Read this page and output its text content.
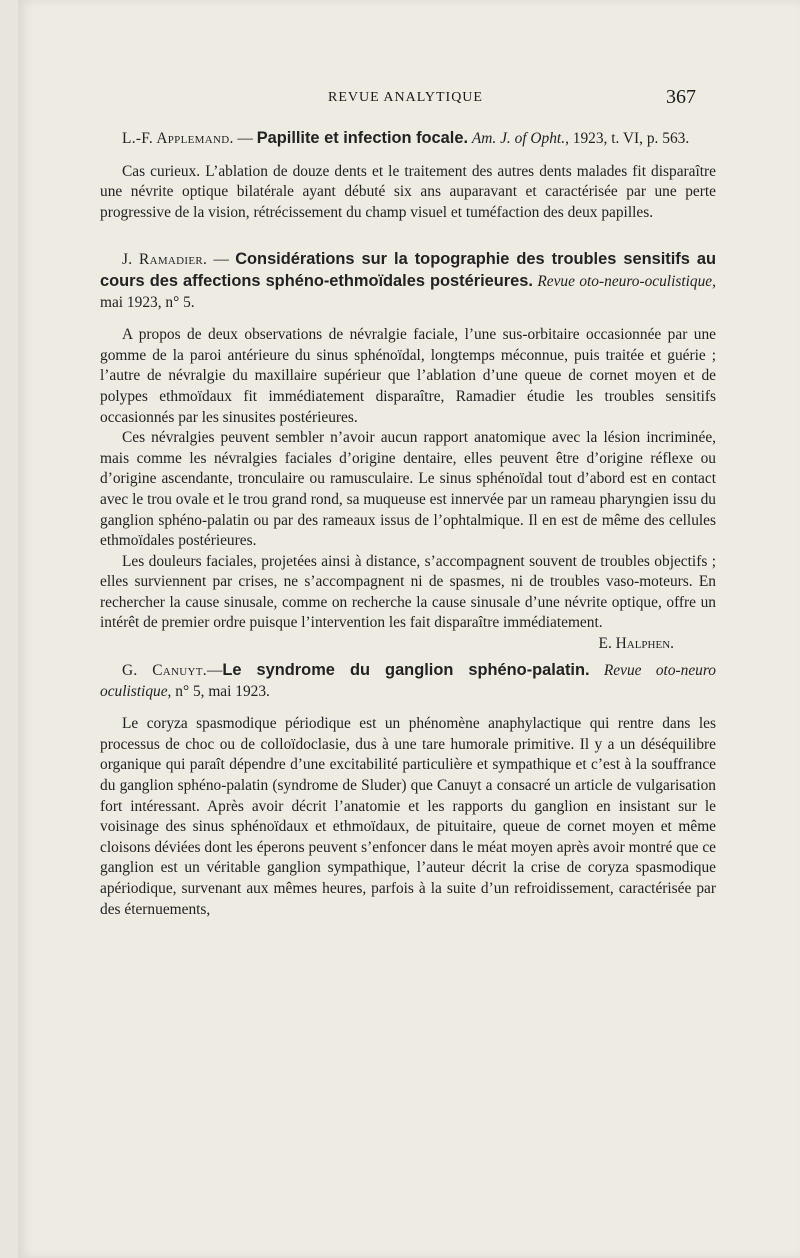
REVUE ANALYTIQUE	367

L.-F. Applemand. — Papillite et infection focale. Am. J. of Opht., 1923, t. VI, p. 563.

Cas curieux. L’ablation de douze dents et le traitement des autres dents malades fit disparaître une névrite optique bilatérale ayant débuté six ans auparavant et caractérisée par une perte progressive de la vision, rétrécissement du champ visuel et tuméfaction des deux papilles.

J. Ramadier. — Considérations sur la topographie des troubles sensitifs au cours des affections sphéno-ethmoïdales postérieures. Revue oto-neuro-oculistique, mai 1923, n° 5.

A propos de deux observations de névralgie faciale, l’une sus-orbitaire occasionnée par une gomme de la paroi antérieure du sinus sphénoïdal, longtemps méconnue, puis traitée et guérie ; l’autre de névralgie du maxillaire supérieur que l’ablation d’une queue de cornet moyen et de polypes ethmoïdaux fit immédiatement disparaître, Ramadier étudie les troubles sensitifs occasionnés par les sinusites postérieures.

Ces névralgies peuvent sembler n’avoir aucun rapport anatomique avec la lésion incriminée, mais comme les névralgies faciales d’origine dentaire, elles peuvent être d’origine réflexe ou d’origine ascendante, tronculaire ou ramusculaire. Le sinus sphénoïdal tout d’abord est en contact avec le trou ovale et le trou grand rond, sa muqueuse est innervée par un rameau pharyngien issu du ganglion sphéno-palatin ou par des rameaux issus de l’ophtalmique. Il en est de même des cellules ethmoïdales postérieures.

Les douleurs faciales, projetées ainsi à distance, s’accompagnent souvent de troubles objectifs ; elles surviennent par crises, ne s’accompagnent ni de spasmes, ni de troubles vaso-moteurs. En rechercher la cause sinusale, comme on recherche la cause sinusale d’une névrite optique, offre un intérêt de premier ordre puisque l’intervention les fait disparaître immédiatement.
E. Halphen.

G. Canuyt.—Le syndrome du ganglion sphéno-palatin. Revue oto-neuro oculistique, n° 5, mai 1923.

Le coryza spasmodique périodique est un phénomène anaphylactique qui rentre dans les processus de choc ou de colloïdoclasie, dus à une tare humorale primitive. Il y a un déséquilibre organique qui paraît dépendre d’une excitabilité particulière et sympathique et c’est à la souffrance du ganglion sphéno-palatin (syndrome de Sluder) que Canuyt a consacré un article de vulgarisation fort intéressant. Après avoir décrit l’anatomie et les rapports du ganglion en insistant sur le voisinage des sinus sphénoïdaux et ethmoïdaux, de pituitaire, queue de cornet moyen et même cloisons déviées dont les éperons peuvent s’enfoncer dans le méat moyen après avoir montré que ce ganglion est un véritable ganglion sympathique, l’auteur décrit la crise de coryza spasmodique apériodique, survenant aux mêmes heures, parfois à la suite d’un refroidissement, caractérisée par des éternuements,
